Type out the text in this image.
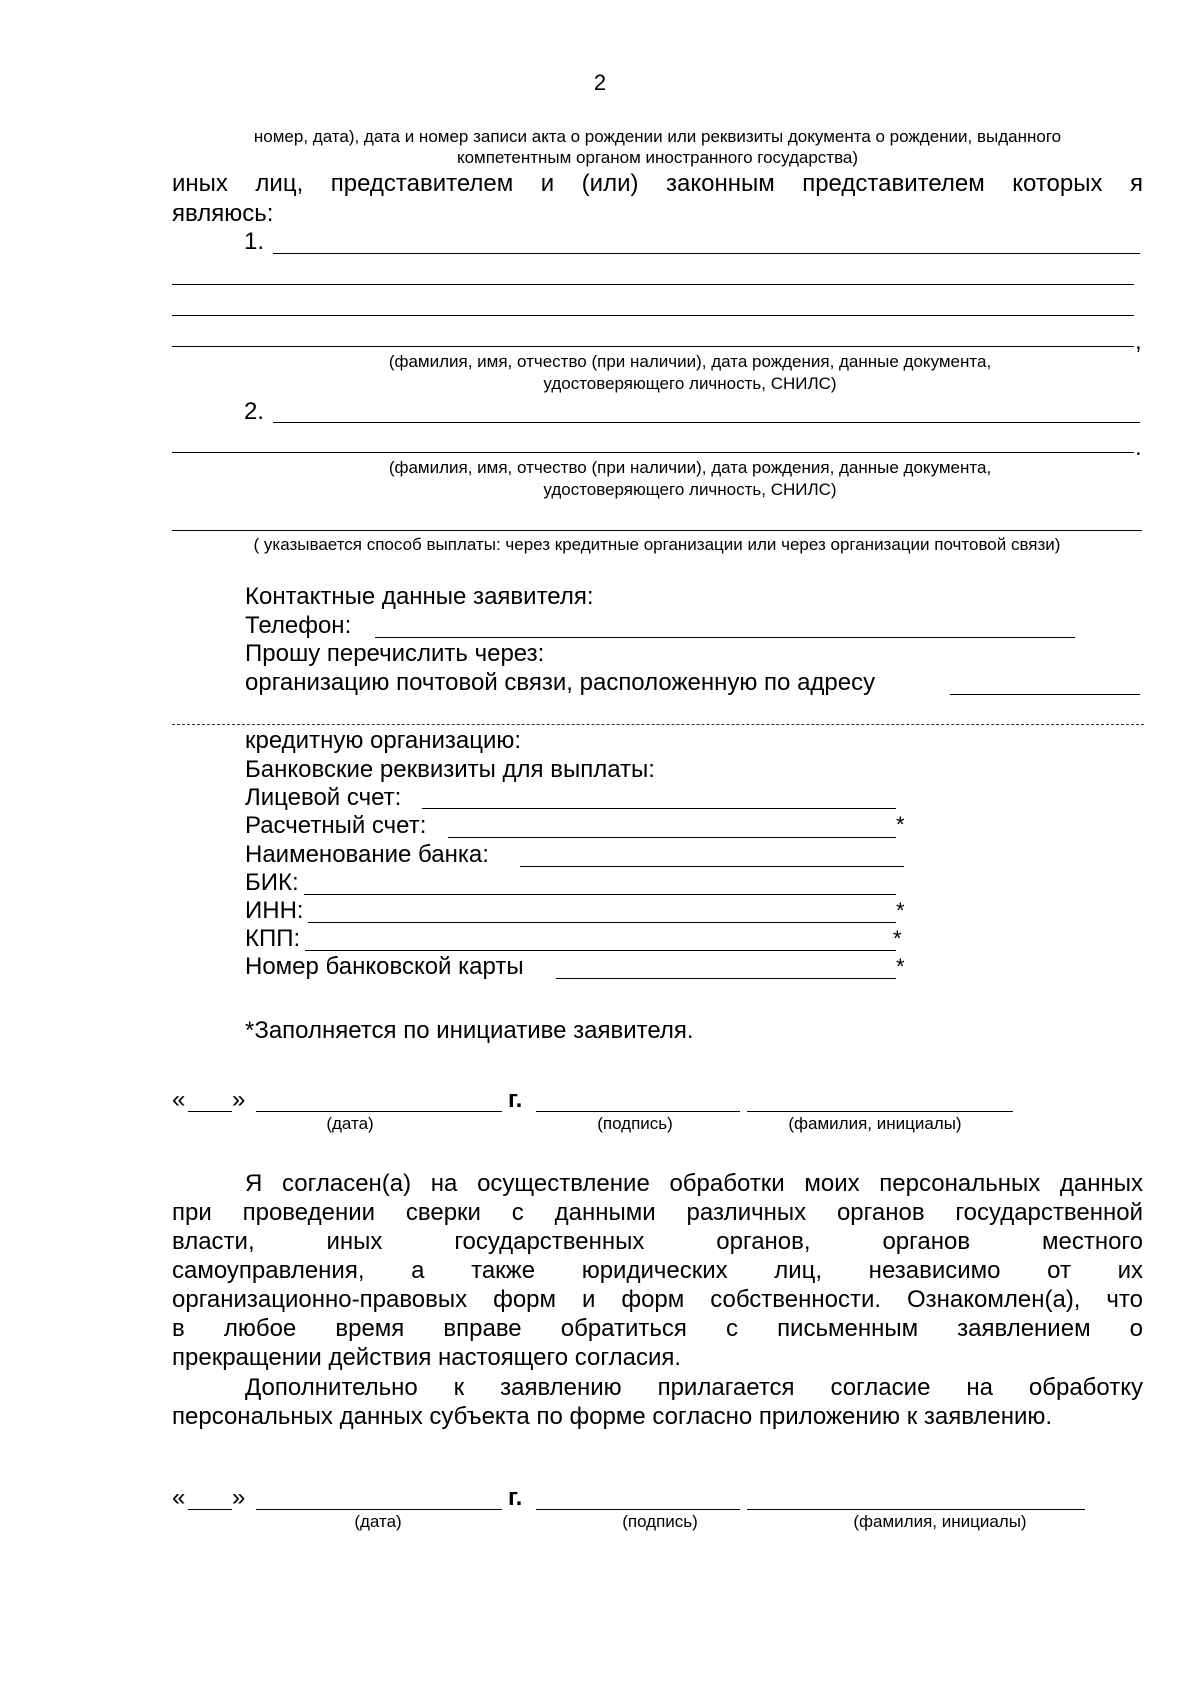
2
номер, дата), дата и номер записи акта о рождении или реквизиты документа о рождении, выданного
компетентным органом иностранного государства)
иных лиц, представителем и (или) законным представителем которых я
являюсь:
1.
,
(фамилия, имя, отчество (при наличии), дата рождения, данные документа,
удостоверяющего личность, СНИЛС)
2.
.
(фамилия, имя, отчество (при наличии), дата рождения, данные документа,
удостоверяющего личность, СНИЛС)
( указывается способ выплаты: через кредитные организации или через организации почтовой связи)
Контактные данные заявителя:
Телефон:
Прошу перечислить через:
организацию почтовой связи, расположенную по адресу
кредитную организацию:
Банковские реквизиты для выплаты:
Лицевой счет:
Расчетный счет:	*
Наименование банка:
БИК:
ИНН:	*
КПП:	*
Номер банковской карты	*
*Заполняется по инициативе заявителя.
« »	г.
(дата)	(подпись)	(фамилия, инициалы)
Я согласен(а) на осуществление обработки моих персональных данных
при проведении сверки с данными различных органов государственной
власти, иных государственных органов, органов местного
самоуправления, а также юридических лиц, независимо от их
организационно-правовых форм и форм собственности. Ознакомлен(а), что
в любое время вправе обратиться с письменным заявлением о
прекращении действия настоящего согласия.
Дополнительно к заявлению прилагается согласие на обработку
персональных данных субъекта по форме согласно приложению к заявлению.
« »	г.
(дата)	(подпись)	(фамилия, инициалы)
